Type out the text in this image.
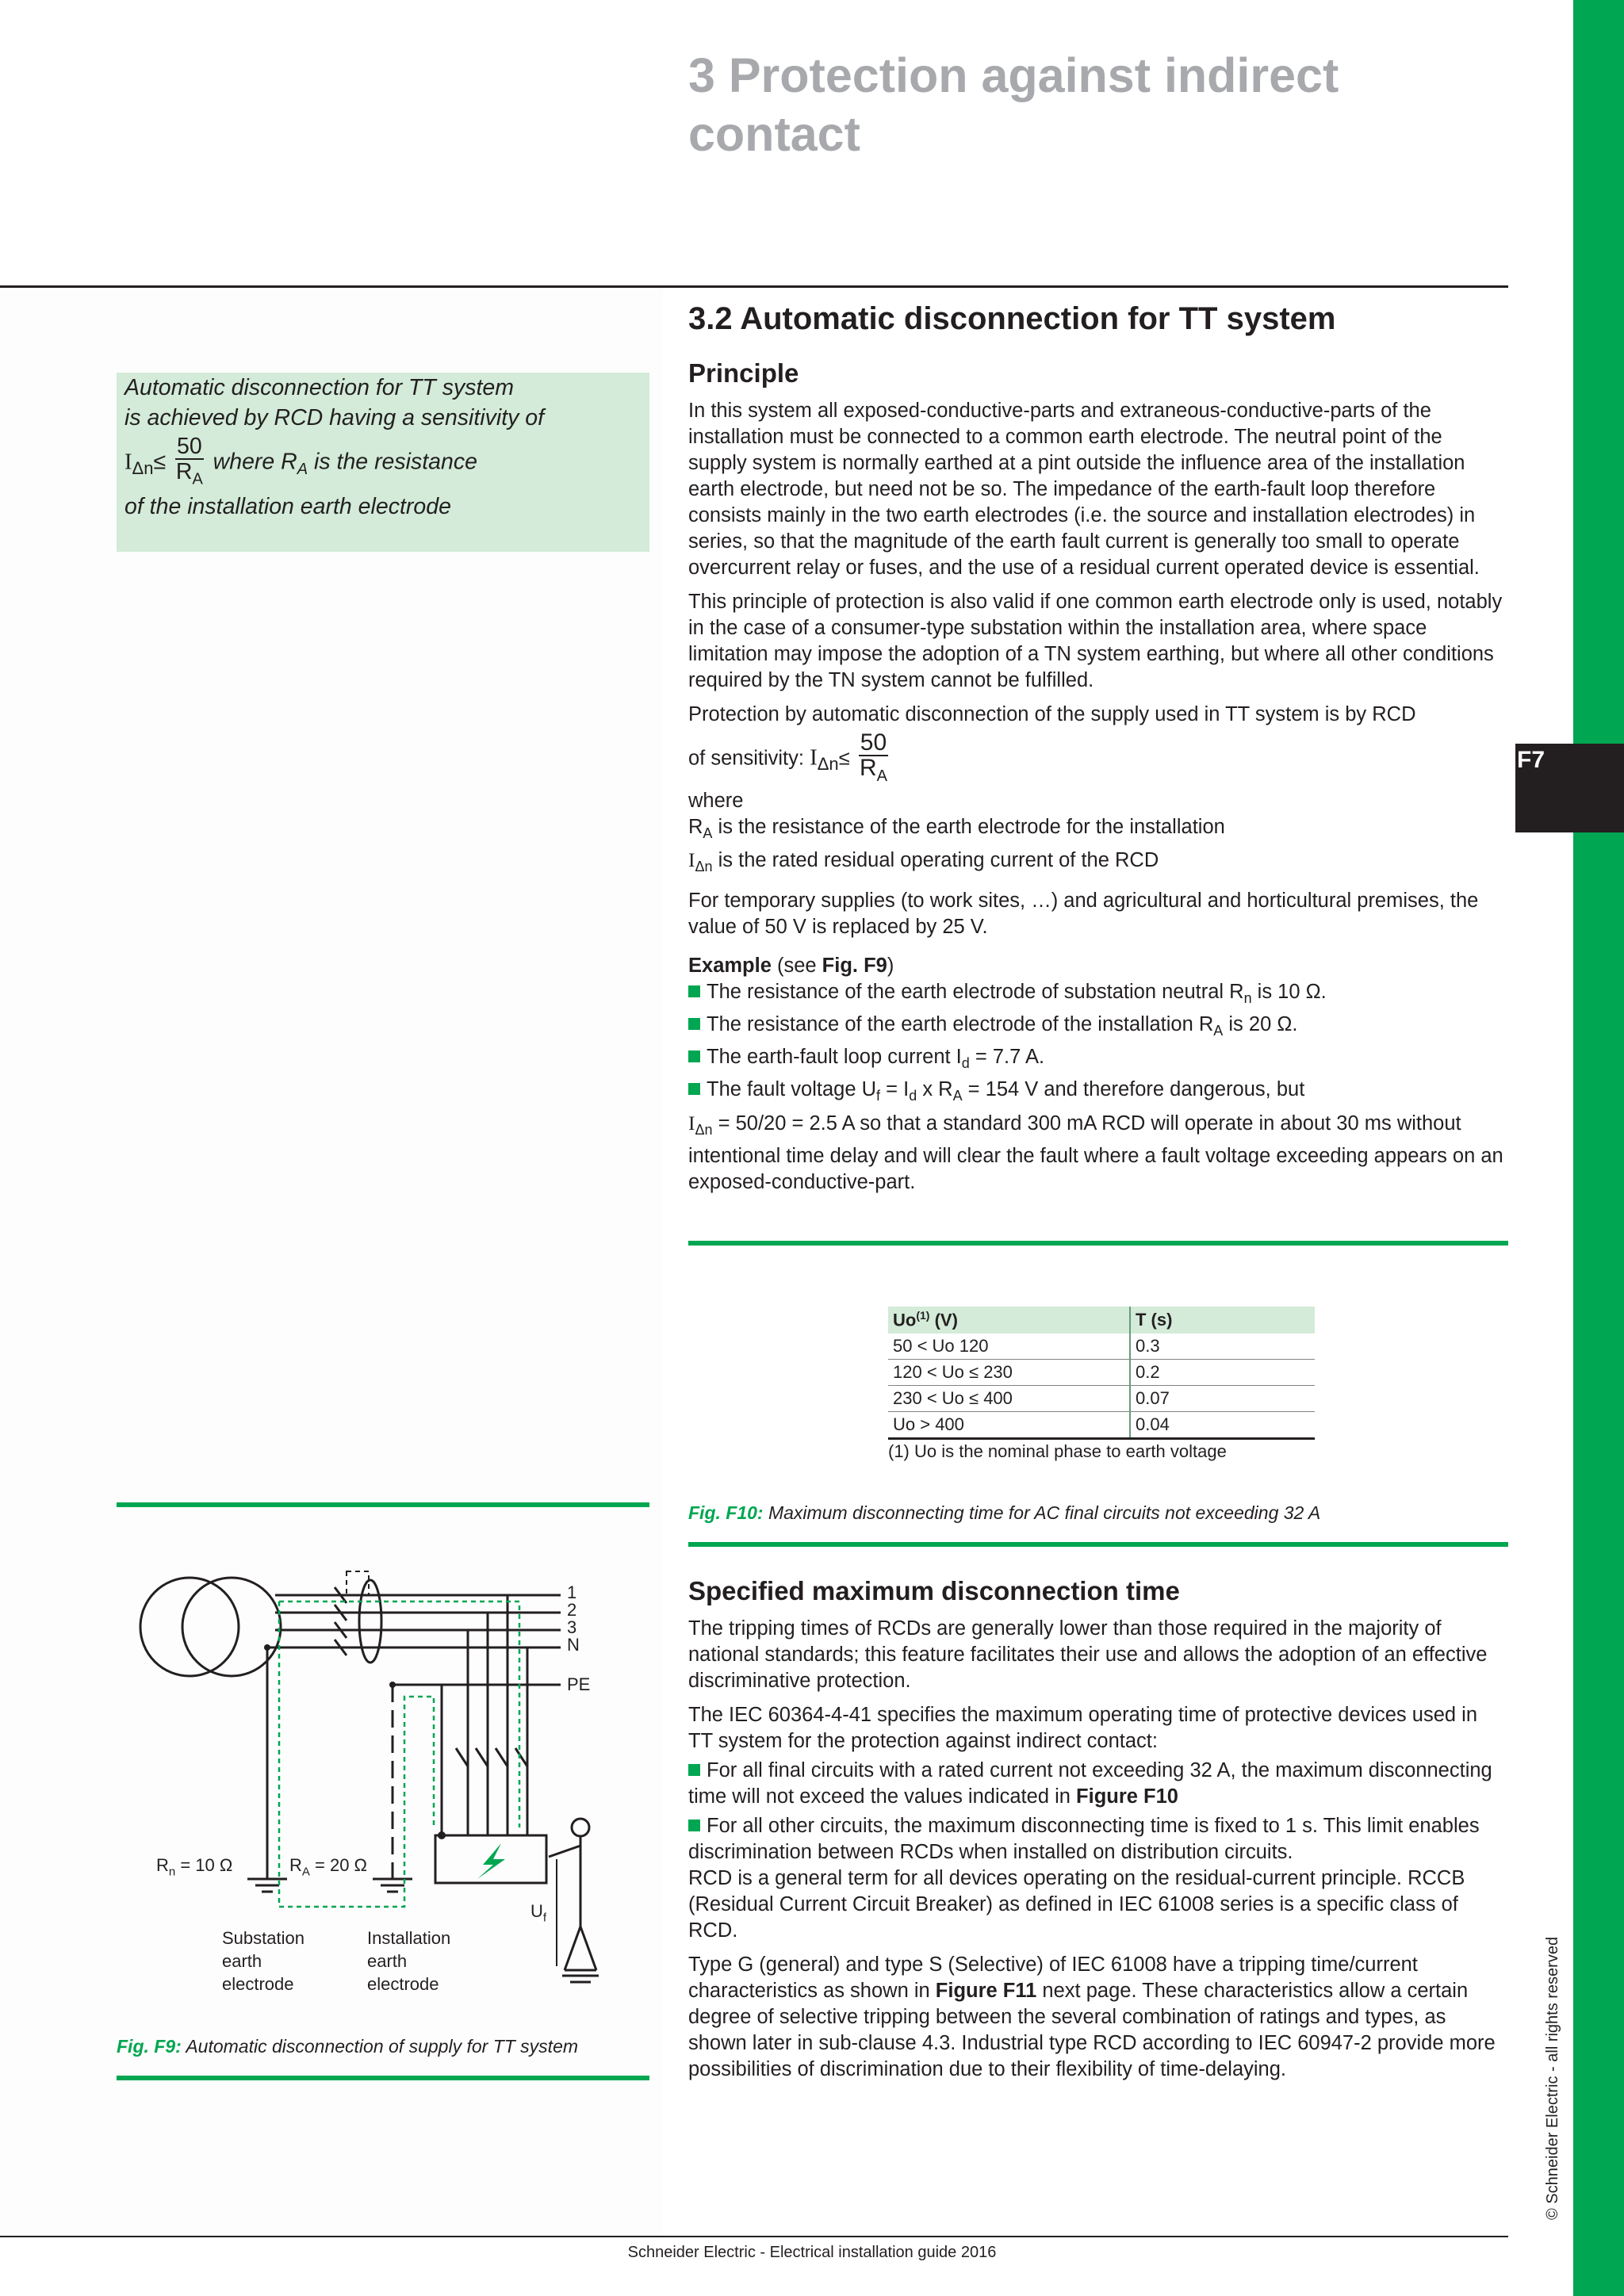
F7
© Schneider Electric - all rights reserved
3 Protection against indirect contact
3.2 Automatic disconnection for TT system
Principle
Automatic disconnection for TT system
is achieved by RCD having a sensitivity of
$I_{\Delta n}\le \frac{50}{R_A}$ where $R_A$ is the resistance
of the installation earth electrode

In this system all exposed-conductive-parts and extraneous-conductive-parts of the installation must be connected to a common earth electrode. The neutral point of the supply system is normally earthed at a pint outside the influence area of the installation earth electrode, but need not be so. The impedance of the earth-fault loop therefore consists mainly in the two earth electrodes (i.e. the source and installation electrodes) in series, so that the magnitude of the earth fault current is generally too small to operate overcurrent relay or fuses, and the use of a residual current operated device is essential.

This principle of protection is also valid if one common earth electrode only is used, notably in the case of a consumer-type substation within the installation area, where space limitation may impose the adoption of a TN system earthing, but where all other conditions required by the TN system cannot be fulfilled.

Protection by automatic disconnection of the supply used in TT system is by RCD

of sensitivity: $I_{\Delta n}\le \frac{50}{R_A}$
where
$R_A$ is the resistance of the earth electrode for the installation
$I_{\Delta n}$ is the rated residual operating current of the RCD

For temporary supplies (to work sites, …) and agricultural and horticultural premises, the value of 50 V is replaced by 25 V.

Example (see Fig. F9)
The resistance of the earth electrode of substation neutral $R_n$ is 10 Ω.
The resistance of the earth electrode of the installation $R_A$ is 20 Ω.
The earth-fault loop current $I_d = 7.7$ A.
The fault voltage $U_f = I_d$ x $R_A = 154$ V and therefore dangerous, but
$I_{\Delta n} = 50/20 = 2.5$ A so that a standard 300 mA RCD will operate in about 30 ms without intentional time delay and will clear the fault where a fault voltage exceeding appears on an exposed-conductive-part.
Uo$^{(1)}$ (V)	T (s)
50 < Uo 120	0.3
120 < Uo ≤ 230	0.2
230 < Uo ≤ 400	0.07
Uo > 400	0.04
(1) Uo is the nominal phase to earth voltage
Fig. F10: Maximum disconnecting time for AC final circuits not exceeding 32 A
Specified maximum disconnection time

The tripping times of RCDs are generally lower than those required in the majority of national standards; this feature facilitates their use and allows the adoption of an effective discriminative protection.

The IEC 60364-4-41 specifies the maximum operating time of protective devices used in TT system for the protection against indirect contact:

For all final circuits with a rated current not exceeding 32 A, the maximum disconnecting time will not exceed the values indicated in Figure F10
For all other circuits, the maximum disconnecting time is fixed to 1 s. This limit enables discrimination between RCDs when installed on distribution circuits.

RCD is a general term for all devices operating on the residual-current principle. RCCB (Residual Current Circuit Breaker) as defined in IEC 61008 series is a specific class of RCD.

Type G (general) and type S (Selective) of IEC 61008 have a tripping time/current characteristics as shown in Figure F11 next page. These characteristics allow a certain degree of selective tripping between the several combination of ratings and types, as shown later in sub-clause 4.3. Industrial type RCD according to IEC 60947-2 provide more possibilities of discrimination due to their flexibility of time-delaying.

1
2
3
N
PE
$R_n = 10$ Ω	$R_A = 20$ Ω
$U_f$
Substation
earth
electrode
Installation
earth
electrode
Fig. F9: Automatic disconnection of supply for TT system
Schneider Electric - Electrical installation guide 2016
